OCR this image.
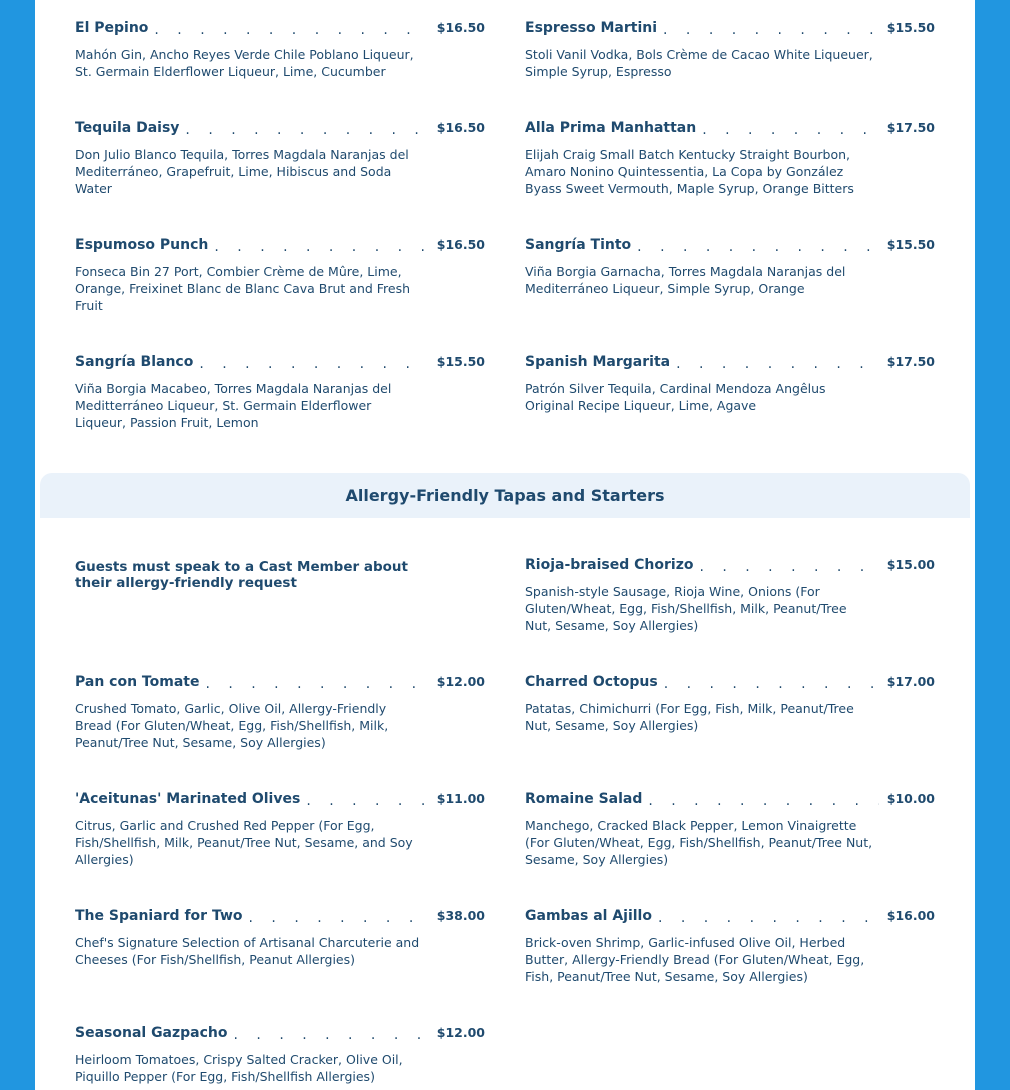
El Pepino . . .	$16.50
Mahón Gin, Ancho Reyes Verde Chile Poblano Liqueur, St. Germain Elderflower Liqueur, Lime, Cucumber
Espresso Martini . . .	$15.50
Stoli Vanil Vodka, Bols Crème de Cacao White Liqueuer, Simple Syrup, Espresso
Tequila Daisy . . .	$16.50
Don Julio Blanco Tequila, Torres Magdala Naranjas del Mediterráneo, Grapefruit, Lime, Hibiscus and Soda Water
Alla Prima Manhattan . . .	$17.50
Elijah Craig Small Batch Kentucky Straight Bourbon, Amaro Nonino Quintessentia, La Copa by González Byass Sweet Vermouth, Maple Syrup, Orange Bitters
Espumoso Punch . . .	$16.50
Fonseca Bin 27 Port, Combier Crème de Mûre, Lime, Orange, Freixinet Blanc de Blanc Cava Brut and Fresh Fruit
Sangría Tinto . . .	$15.50
Viña Borgia Garnacha, Torres Magdala Naranjas del Mediterráneo Liqueur, Simple Syrup, Orange
Sangría Blanco . . .	$15.50
Viña Borgia Macabeo, Torres Magdala Naranjas del Meditterráneo Liqueur, St. Germain Elderflower Liqueur, Passion Fruit, Lemon
Spanish Margarita . . .	$17.50
Patrón Silver Tequila, Cardinal Mendoza Angêlus Original Recipe Liqueur, Lime, Agave
Allergy-Friendly Tapas and Starters
Guests must speak to a Cast Member about their allergy-friendly request
Rioja-braised Chorizo . . .	$15.00
Spanish-style Sausage, Rioja Wine, Onions (For Gluten/Wheat, Egg, Fish/Shellfish, Milk, Peanut/Tree Nut, Sesame, Soy Allergies)
Pan con Tomate . . .	$12.00
Crushed Tomato, Garlic, Olive Oil, Allergy-Friendly Bread (For Gluten/Wheat, Egg, Fish/Shellfish, Milk, Peanut/Tree Nut, Sesame, Soy Allergies)
Charred Octopus . . .	$17.00
Patatas, Chimichurri (For Egg, Fish, Milk, Peanut/Tree Nut, Sesame, Soy Allergies)
'Aceitunas' Marinated Olives . . .	$11.00
Citrus, Garlic and Crushed Red Pepper (For Egg, Fish/Shellfish, Milk, Peanut/Tree Nut, Sesame, and Soy Allergies)
Romaine Salad . . .	$10.00
Manchego, Cracked Black Pepper, Lemon Vinaigrette (For Gluten/Wheat, Egg, Fish/Shellfish, Peanut/Tree Nut, Sesame, Soy Allergies)
The Spaniard for Two . . .	$38.00
Chef's Signature Selection of Artisanal Charcuterie and Cheeses (For Fish/Shellfish, Peanut Allergies)
Gambas al Ajillo . . .	$16.00
Brick-oven Shrimp, Garlic-infused Olive Oil, Herbed Butter, Allergy-Friendly Bread (For Gluten/Wheat, Egg, Fish, Peanut/Tree Nut, Sesame, Soy Allergies)
Seasonal Gazpacho . . .	$12.00
Heirloom Tomatoes, Crispy Salted Cracker, Olive Oil, Piquillo Pepper (For Egg, Fish/Shellfish Allergies)
